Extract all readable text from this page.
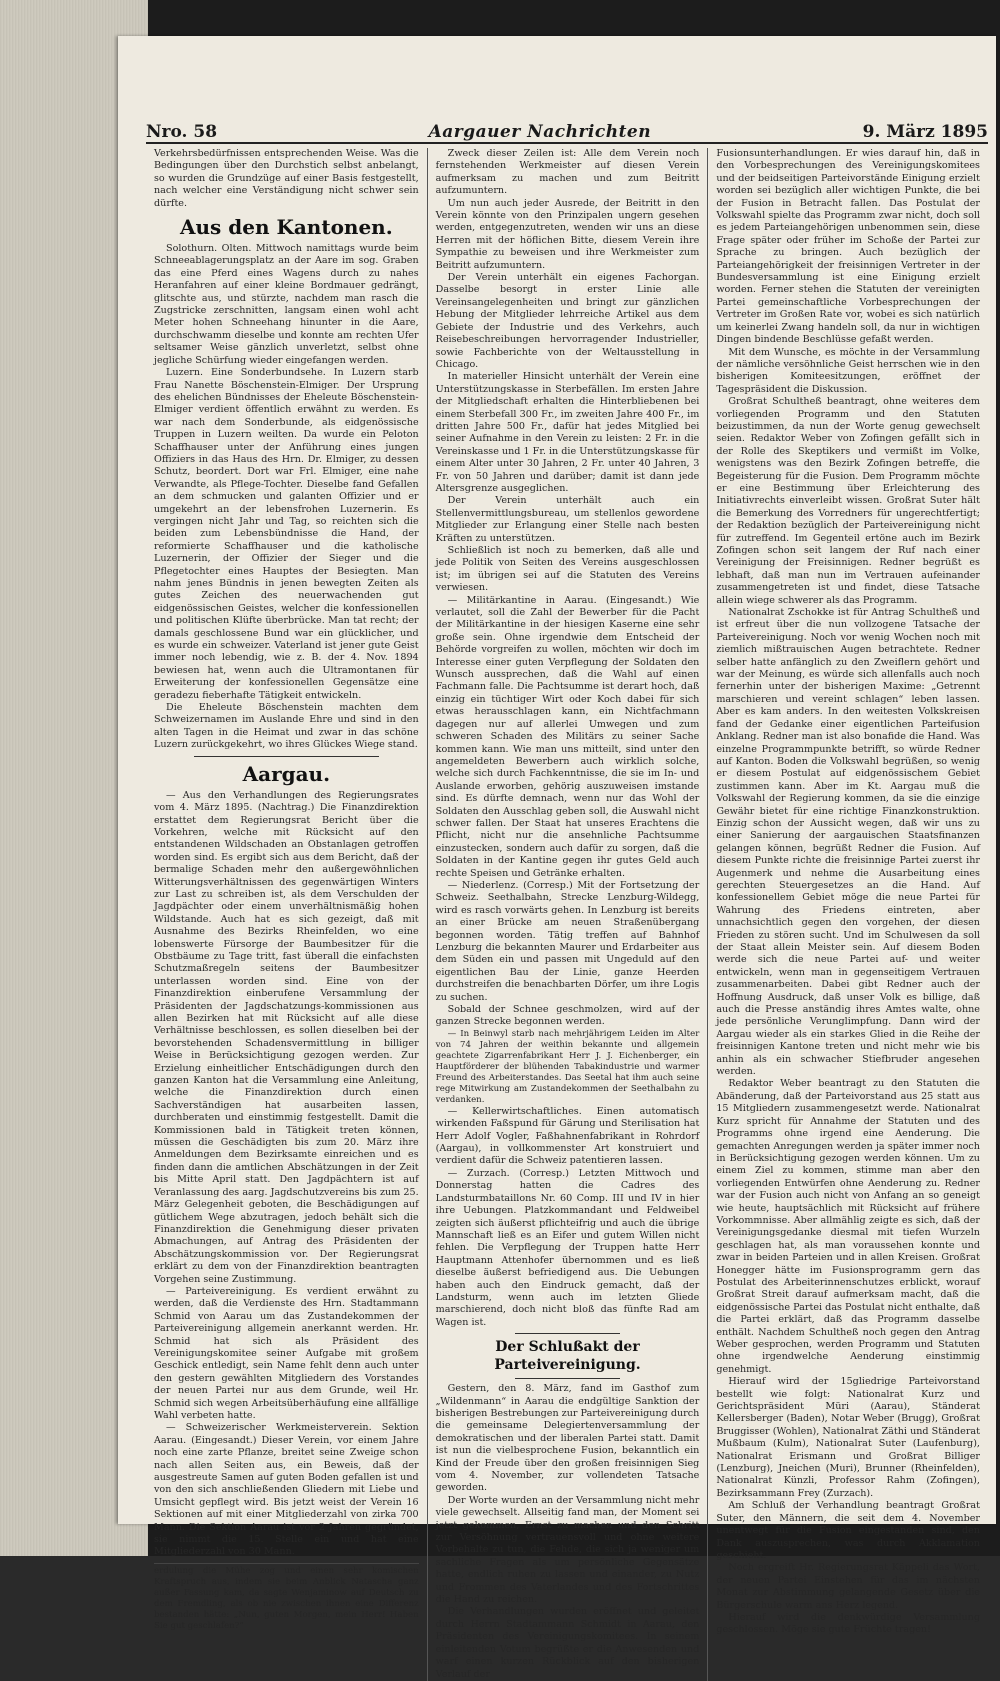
Nro. 58	Aargauer Nachrichten	9. März 1895

Verkehrsbedürfnissen entsprechenden Weise. Was die Bedingungen über den Durchstich selbst anbelangt, so wurden die Grundzüge auf einer Basis festgestellt, nach welcher eine Verständigung nicht schwer sein dürfte.

Aus den Kantonen.

Solothurn. Olten. Mittwoch namittags wurde beim Schneeablagerungsplatz an der Aare im sog. Graben das eine Pferd eines Wagens durch zu nahes Heranfahren auf einer kleine Bordmauer gedrängt, glitschte aus, und stürzte, nachdem man rasch die Zugstricke zerschnitten, langsam einen wohl acht Meter hohen Schneehang hinunter in die Aare, durchschwamm dieselbe und konnte am rechten Ufer seltsamer Weise gänzlich unverletzt, selbst ohne jegliche Schürfung wieder eingefangen werden.

Luzern. Eine Sonderbundsehe. In Luzern starb Frau Nanette Böschenstein-Elmiger. Der Ursprung des ehelichen Bündnisses der Eheleute Böschenstein-Elmiger verdient öffentlich erwähnt zu werden. Es war nach dem Sonderbunde, als eidgenössische Truppen in Luzern weilten. Da wurde ein Peloton Schaffhauser unter der Anführung eines jungen Offiziers in das Haus des Hrn. Dr. Elmiger, zu dessen Schutz, beordert. Dort war Frl. Elmiger, eine nahe Verwandte, als Pflege-Tochter. Dieselbe fand Gefallen an dem schmucken und galanten Offizier und er umgekehrt an der lebensfrohen Luzernerin. Es vergingen nicht Jahr und Tag, so reichten sich die beiden zum Lebensbündnisse die Hand, der reformierte Schaffhauser und die katholische Luzernerin, der Offizier der Sieger und die Pflegetochter eines Hauptes der Besiegten. Man nahm jenes Bündnis in jenen bewegten Zeiten als gutes Zeichen des neuerwachenden gut eidgenössischen Geistes, welcher die konfessionellen und politischen Klüfte überbrücke. Man tat recht; der damals geschlossene Bund war ein glücklicher, und es wurde ein schweizer. Vaterland ist jener gute Geist immer noch lebendig, wie z. B. der 4. Nov. 1894 bewiesen hat, wenn auch die Ultramontanen für Erweiterung der konfessionellen Gegensätze eine geradezu fieberhafte Tätigkeit entwickeln.

Die Eheleute Böschenstein machten dem Schweizernamen im Auslande Ehre und sind in den alten Tagen in die Heimat und zwar in das schöne Luzern zurückgekehrt, wo ihres Glückes Wiege stand.

Aargau.

— Aus den Verhandlungen des Regierungsrates vom 4. März 1895. (Nachtrag.) Die Finanzdirektion erstattet dem Regierungsrat Bericht über die Vorkehren, welche mit Rücksicht auf den entstandenen Wildschaden an Obstanlagen getroffen worden sind. Es ergibt sich aus dem Bericht, daß der bermalige Schaden mehr den außergewöhnlichen Witterungsverhältnissen des gegenwärtigen Winters zur Last zu schreiben ist, als dem Verschulden der Jagdpächter oder einem unverhältnismäßig hohen Wildstande. Auch hat es sich gezeigt, daß mit Ausnahme des Bezirks Rheinfelden, wo eine lobenswerte Fürsorge der Baumbesitzer für die Obstbäume zu Tage tritt, fast überall die einfachsten Schutzmaßregeln seitens der Baumbesitzer unterlassen worden sind. Eine von der Finanzdirektion einberufene Versammlung der Präsidenten der Jagdschatzungs-kommissionen aus allen Bezirken hat mit Rücksicht auf alle diese Verhältnisse beschlossen, es sollen dieselben bei der bevorstehenden Schadensvermittlung in billiger Weise in Berücksichtigung gezogen werden. Zur Erzielung einheitlicher Entschädigungen durch den ganzen Kanton hat die Versammlung eine Anleitung, welche die Finanzdirektion durch einen Sachverständigen hat ausarbeiten lassen, durchberaten und einstimmig festgestellt. Damit die Kommissionen bald in Tätigkeit treten können, müssen die Geschädigten bis zum 20. März ihre Anmeldungen dem Bezirksamte einreichen und es finden dann die amtlichen Abschätzungen in der Zeit bis Mitte April statt. Den Jagdpächtern ist auf Veranlassung des aarg. Jagdschutzvereins bis zum 25. März Gelegenheit geboten, die Beschädigungen auf gütlichem Wege abzutragen, jedoch behält sich die Finanzdirektion die Genehmigung dieser privaten Abmachungen, auf Antrag des Präsidenten der Abschätzungskommission vor. Der Regierungsrat erklärt zu dem von der Finanzdirektion beantragten Vorgehen seine Zustimmung.

— Parteivereinigung. Es verdient erwähnt zu werden, daß die Verdienste des Hrn. Stadtammann Schmid von Aarau um das Zustandekommen der Parteivereinigung allgemein anerkannt werden. Hr. Schmid hat sich als Präsident des Vereinigungskomitee seiner Aufgabe mit großem Geschick entledigt, sein Name fehlt denn auch unter den gestern gewählten Mitgliedern des Vorstandes der neuen Partei nur aus dem Grunde, weil Hr. Schmid sich wegen Arbeitsüberhäufung eine allfällige Wahl verbeten hatte.

— Schweizerischer Werkmeisterverein. Sektion Aarau. (Eingesandt.) Dieser Verein, vor einem Jahre noch eine zarte Pflanze, breitet seine Zweige schon nach allen Seiten aus, ein Beweis, daß der ausgestreute Samen auf guten Boden gefallen ist und von den sich anschließenden Gliedern mit Liebe und Umsicht gepflegt wird. Bis jetzt weist der Verein 16 Sektionen auf mit einer Mitgliederzahl von zirka 700 Mann. Die Sektion Aarau ist vor 2 Jahren gegründet, sie nimmt die 15. Stelle ein und hat eine Mitgliederzahl von 30 Mann.

erdulung die Mühe zog und einen sehr komischen Kraftspruch aus, indem sie beim Anblick Natascha ganz außer Fassung kam, da sagte Wenjaminow auf Deutsch zu dem Fremdling, als ob nie zwischen ihnen eine Differenz bestanden hätte: „Nun, guten Morgen, mein Herr! Haben Sie gut geschlafen?“

Zweck dieser Zeilen ist: Alle dem Verein noch fernstehenden Werkmeister auf diesen Verein aufmerksam zu machen und zum Beitritt aufzumuntern.

Um nun auch jeder Ausrede, der Beitritt in den Verein könnte von den Prinzipalen ungern gesehen werden, entgegenzutreten, wenden wir uns an diese Herren mit der höflichen Bitte, diesem Verein ihre Sympathie zu beweisen und ihre Werkmeister zum Beitritt aufzumuntern.

Der Verein unterhält ein eigenes Fachorgan. Dasselbe besorgt in erster Linie alle Vereinsangelegenheiten und bringt zur gänzlichen Hebung der Mitglieder lehrreiche Artikel aus dem Gebiete der Industrie und des Verkehrs, auch Reisebeschreibungen hervorragender Industrieller, sowie Fachberichte von der Weltausstellung in Chicago.

In materieller Hinsicht unterhält der Verein eine Unterstützungskasse in Sterbefällen. Im ersten Jahre der Mitgliedschaft erhalten die Hinterbliebenen bei einem Sterbefall 300 Fr., im zweiten Jahre 400 Fr., im dritten Jahre 500 Fr., dafür hat jedes Mitglied bei seiner Aufnahme in den Verein zu leisten: 2 Fr. in die Vereinskasse und 1 Fr. in die Unterstützungskasse für einem Alter unter 30 Jahren, 2 Fr. unter 40 Jahren, 3 Fr. von 50 Jahren und darüber; damit ist dann jede Altersgrenze ausgeglichen.

Der Verein unterhält auch ein Stellenvermittlungsbureau, um stellenlos gewordene Mitglieder zur Erlangung einer Stelle nach besten Kräften zu unterstützen.

Schließlich ist noch zu bemerken, daß alle und jede Politik von Seiten des Vereins ausgeschlossen ist; im übrigen sei auf die Statuten des Vereins verwiesen.

— Militärkantine in Aarau. (Eingesandt.) Wie verlautet, soll die Zahl der Bewerber für die Pacht der Militärkantine in der hiesigen Kaserne eine sehr große sein. Ohne irgendwie dem Entscheid der Behörde vorgreifen zu wollen, möchten wir doch im Interesse einer guten Verpflegung der Soldaten den Wunsch aussprechen, daß die Wahl auf einen Fachmann falle. Die Pachtsumme ist derart hoch, daß einzig ein tüchtiger Wirt oder Koch dabei für sich etwas herausschlagen kann, ein Nichtfachmann dagegen nur auf allerlei Umwegen und zum schweren Schaden des Militärs zu seiner Sache kommen kann. Wie man uns mitteilt, sind unter den angemeldeten Bewerbern auch wirklich solche, welche sich durch Fachkenntnisse, die sie im In- und Auslande erworben, gehörig auszuweisen imstande sind. Es dürfte demnach, wenn nur das Wohl der Soldaten den Ausschlag geben soll, die Auswahl nicht schwer fallen. Der Staat hat unseres Erachtens die Pflicht, nicht nur die ansehnliche Pachtsumme einzustecken, sondern auch dafür zu sorgen, daß die Soldaten in der Kantine gegen ihr gutes Geld auch rechte Speisen und Getränke erhalten.

— Niederlenz. (Corresp.) Mit der Fortsetzung der Schweiz. Seethalbahn, Strecke Lenzburg-Wildegg, wird es rasch vorwärts gehen. In Lenzburg ist bereits an einer Brücke am neuen Straßenübergang begonnen worden. Tätig treffen auf Bahnhof Lenzburg die bekannten Maurer und Erdarbeiter aus dem Süden ein und passen mit Ungeduld auf den eigentlichen Bau der Linie, ganze Heerden durchstreifen die benachbarten Dörfer, um ihre Logis zu suchen.

Sobald der Schnee geschmolzen, wird auf der ganzen Strecke begonnen werden.

— In Beinwyl starb nach mehrjährigem Leiden im Alter von 74 Jahren der weithin bekannte und allgemein geachtete Zigarrenfabrikant Herr J. J. Eichenberger, ein Hauptförderer der blühenden Tabakindustrie und warmer Freund des Arbeiterstandes. Das Seetal hat ihm auch seine rege Mitwirkung am Zustandekommen der Seethalbahn zu verdanken.

— Kellerwirtschaftliches. Einen automatisch wirkenden Faßspund für Gärung und Sterilisation hat Herr Adolf Vogler, Faßhahnenfabrikant in Rohrdorf (Aargau), in vollkommenster Art konstruiert und verdient dafür die Schweiz patentieren lassen.

— Zurzach. (Corresp.) Letzten Mittwoch und Donnerstag hatten die Cadres des Landsturmbataillons Nr. 60 Comp. III und IV in hier ihre Uebungen. Platzkommandant und Feldweibel zeigten sich äußerst pflichteifrig und auch die übrige Mannschaft ließ es an Eifer und gutem Willen nicht fehlen. Die Verpflegung der Truppen hatte Herr Hauptmann Attenhofer übernommen und es ließ dieselbe äußerst befriedigend aus. Die Uebungen haben auch den Eindruck gemacht, daß der Landsturm, wenn auch im letzten Gliede marschierend, doch nicht bloß das fünfte Rad am Wagen ist.

Der Schlußakt der Parteivereinigung.

Gestern, den 8. März, fand im Gasthof zum „Wildenmann“ in Aarau die endgültige Sanktion der bisherigen Bestrebungen zur Parteivereinigung durch die gemeinsame Delegiertenversammlung der demokratischen und der liberalen Partei statt. Damit ist nun die vielbesprochene Fusion, bekanntlich ein Kind der Freude über den großen freisinnigen Sieg vom 4. November, zur vollendeten Tatsache geworden.

Der Worte wurden an der Versammlung nicht mehr viele gewechselt. Allseitig fand man, der Moment sei jetzt gekommen, Ernst zu machen und den Schritt zur Versöhnung vertrauensvoll und ohne weitere Vorbehalte zu tun, die Fehde, die sich ja weniger um sachliche Fragen als um persönliche Gegensätze hatte, endlich ruhen zu lassen und einander, zu Nutz und Frommen des Vaterlandes und des Fortschrittes die Hand zu reichen.

Die Verhandlungen wurden eröffnet und geleitet durch Herrn Stadtammann Schmidt in Aarau, den Präsidenten des Vereinigungskomitees. In seinem einleitenden Votum begrüßte er die Anwesenden und warf einen kurzen Rückblick auf den bisherigen Verlauf der

Fusionsunterhandlungen. Er wies darauf hin, daß in den Vorbesprechungen des Vereinigungskomitees und der beidseitigen Parteivorstände Einigung erzielt worden sei bezüglich aller wichtigen Punkte, die bei der Fusion in Betracht fallen. Das Postulat der Volkswahl spielte das Programm zwar nicht, doch soll es jedem Parteiangehörigen unbenommen sein, diese Frage später oder früher im Schoße der Partei zur Sprache zu bringen. Auch bezüglich der Parteiangehörigkeit der freisinnigen Vertreter in der Bundesversammlung ist eine Einigung erzielt worden. Ferner stehen die Statuten der vereinigten Partei gemeinschaftliche Vorbesprechungen der Vertreter im Großen Rate vor, wobei es sich natürlich um keinerlei Zwang handeln soll, da nur in wichtigen Dingen bindende Beschlüsse gefaßt werden.

Mit dem Wunsche, es möchte in der Versammlung der nämliche versöhnliche Geist herrschen wie in den bisherigen Komiteesitzungen, eröffnet der Tagespräsident die Diskussion.

Großrat Schultheß beantragt, ohne weiteres dem vorliegenden Programm und den Statuten beizustimmen, da nun der Worte genug gewechselt seien. Redaktor Weber von Zofingen gefällt sich in der Rolle des Skeptikers und vermißt im Volke, wenigstens was den Bezirk Zofingen betreffe, die Begeisterung für die Fusion. Dem Programm möchte er eine Bestimmung über Erleichterung des Initiativrechts einverleibt wissen. Großrat Suter hält die Bemerkung des Vorredners für ungerechtfertigt; der Redaktion bezüglich der Parteivereinigung nicht für zutreffend. Im Gegenteil ertöne auch im Bezirk Zofingen schon seit langem der Ruf nach einer Vereinigung der Freisinnigen. Redner begrüßt es lebhaft, daß man nun im Vertrauen aufeinander zusammengetreten ist und findet, diese Tatsache allein wiege schwerer als das Programm.

Nationalrat Zschokke ist für Antrag Schultheß und ist erfreut über die nun vollzogene Tatsache der Parteivereinigung. Noch vor wenig Wochen noch mit ziemlich mißtrauischen Augen betrachtete. Redner selber hatte anfänglich zu den Zweiflern gehört und war der Meinung, es würde sich allenfalls auch noch fernerhin unter der bisherigen Maxime: „Getrennt marschieren und vereint schlagen“ leben lassen. Aber es kam anders. In den weitesten Volkskreisen fand der Gedanke einer eigentlichen Parteifusion Anklang. Redner man ist also bonafide die Hand. Was einzelne Programmpunkte betrifft, so würde Redner auf Kanton. Boden die Volkswahl begrüßen, so wenig er diesem Postulat auf eidgenössischem Gebiet zustimmen kann. Aber im Kt. Aargau muß die Volkswahl der Regierung kommen, da sie die einzige Gewähr bietet für eine richtige Finanzkonstruktion. Einzig schon der Aussicht wegen, daß wir uns zu einer Sanierung der aargauischen Staatsfinanzen gelangen können, begrüßt Redner die Fusion. Auf diesem Punkte richte die freisinnige Partei zuerst ihr Augenmerk und nehme die Ausarbeitung eines gerechten Steuergesetzes an die Hand. Auf konfessionellem Gebiet möge die neue Partei für Wahrung des Friedens eintreten, aber unnachsichtlich gegen den vorgehen, der diesen Frieden zu stören sucht. Und im Schulwesen da soll der Staat allein Meister sein. Auf diesem Boden werde sich die neue Partei auf- und weiter entwickeln, wenn man in gegenseitigem Vertrauen zusammenarbeiten. Dabei gibt Redner auch der Hoffnung Ausdruck, daß unser Volk es billige, daß auch die Presse anständig ihres Amtes walte, ohne jede persönliche Verunglimpfung. Dann wird der Aargau wieder als ein starkes Glied in die Reihe der freisinnigen Kantone treten und nicht mehr wie bis anhin als ein schwacher Stiefbruder angesehen werden.

Redaktor Weber beantragt zu den Statuten die Abänderung, daß der Parteivorstand aus 25 statt aus 15 Mitgliedern zusammengesetzt werde. Nationalrat Kurz spricht für Annahme der Statuten und des Programms ohne irgend eine Aenderung. Die gemachten Anregungen werden ja später immer noch in Berücksichtigung gezogen werden können. Um zu einem Ziel zu kommen, stimme man aber den vorliegenden Entwürfen ohne Aenderung zu. Redner war der Fusion auch nicht von Anfang an so geneigt wie heute, hauptsächlich mit Rücksicht auf frühere Vorkommnisse. Aber allmählig zeigte es sich, daß der Vereinigungsgedanke diesmal mit tiefen Wurzeln geschlagen hat, als man voraussehen konnte und zwar in beiden Parteien und in allen Kreisen. Großrat Honegger hätte im Fusionsprogramm gern das Postulat des Arbeiterinnenschutzes erblickt, worauf Großrat Streit darauf aufmerksam macht, daß die eidgenössische Partei das Postulat nicht enthalte, daß die Partei erklärt, daß das Programm dasselbe enthält. Nachdem Schultheß noch gegen den Antrag Weber gesprochen, werden Programm und Statuten ohne irgendwelche Aenderung einstimmig genehmigt.

Hierauf wird der 15gliedrige Parteivorstand bestellt wie folgt: Nationalrat Kurz und Gerichtspräsident Müri (Aarau), Ständerat Kellersberger (Baden), Notar Weber (Brugg), Großrat Bruggisser (Wohlen), Nationalrat Zäthi und Ständerat Mußbaum (Kulm), Nationalrat Suter (Laufenburg), Nationalrat Erismann und Großrat Billiger (Lenzburg), Jneichen (Muri), Brunner (Rheinfelden), Nationalrat Künzli, Professor Rahm (Zofingen), Bezirksammann Frey (Zurzach).

Am Schluß der Verhandlung beantragt Großrat Suter, den Männern, die seit dem 4. November unentwegt für die Fusion eingestanden sind, den Dank auszusprechen, was durch Akklamation geschieht.

Noch ergreift Hr. Regierungsrat Käppeli das Wort, der neuen Partei Einstehen für das im nächsten Monat zur Abstimmung gelangende Gesetz über die Bürgerschule warm ans Herz legend.

Hierauf wird die denkwürdige Versammlung geschlossen. Möge sie gute Früchte tragen!
